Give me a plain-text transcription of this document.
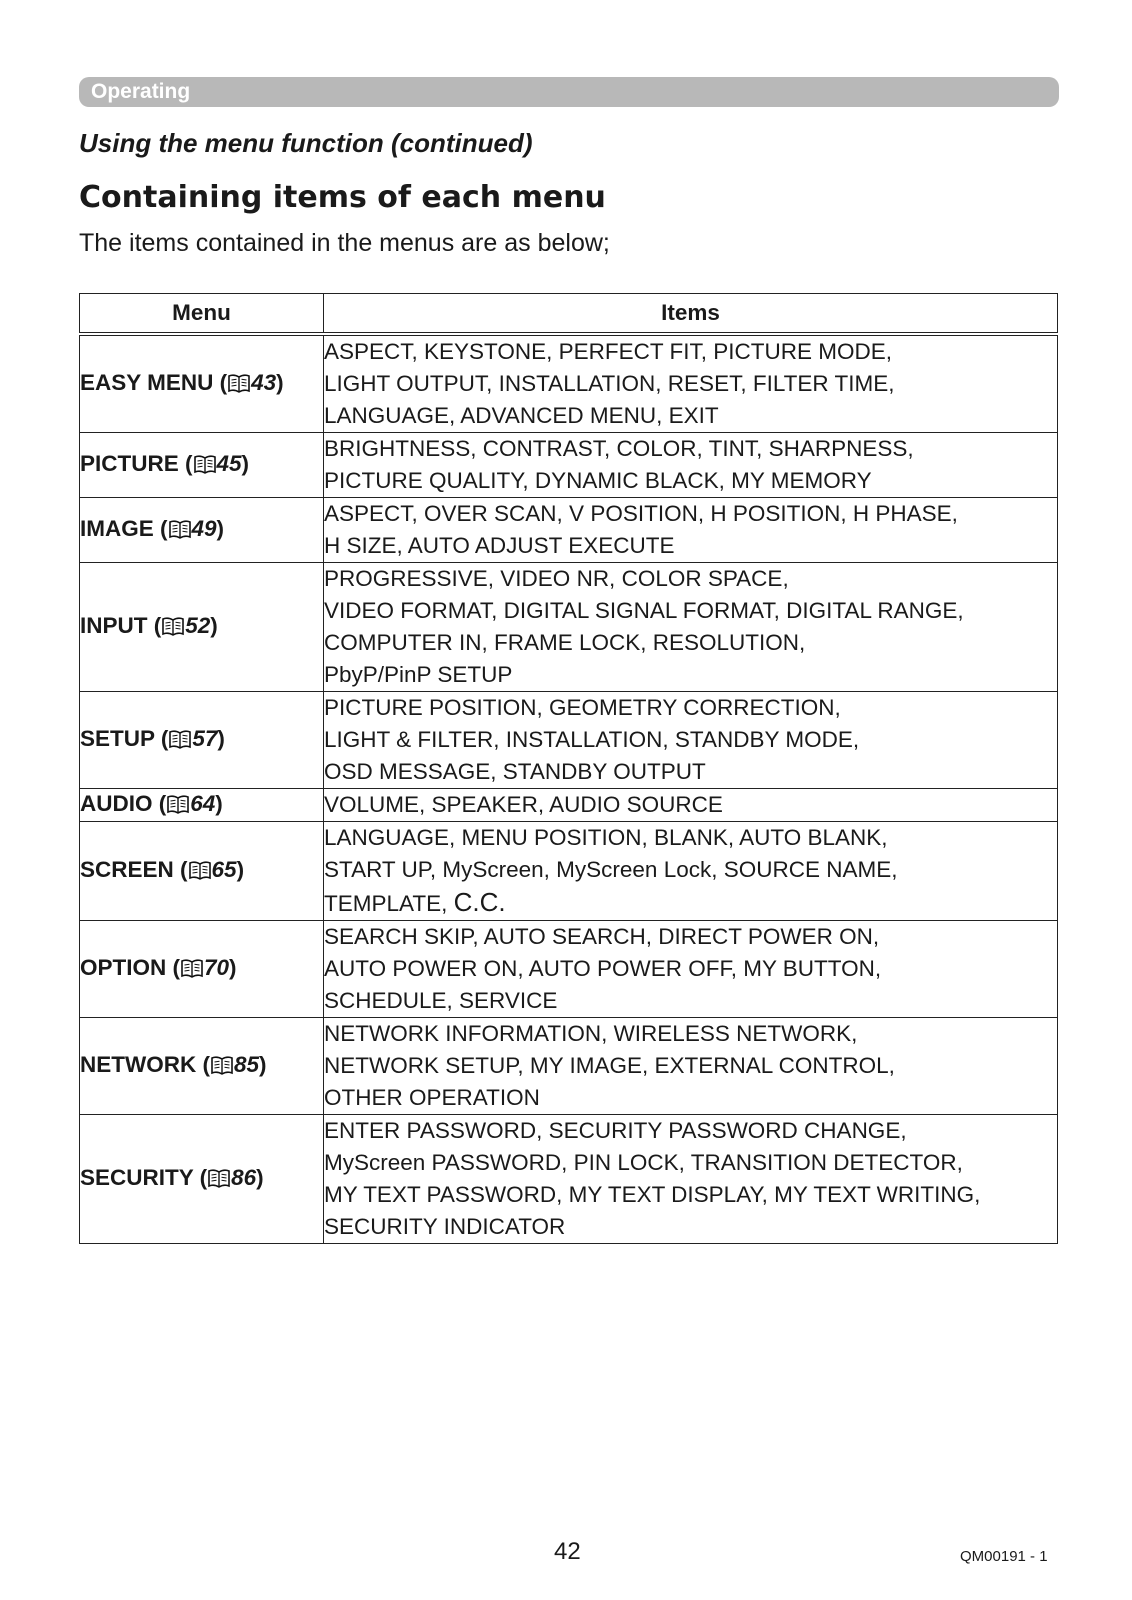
Operating
Using the menu function (continued)
Containing items of each menu
The items contained in the menus are as below;
Menu	Items
EASY MENU ( 43)	ASPECT, KEYSTONE, PERFECT FIT, PICTURE MODE,
LIGHT OUTPUT, INSTALLATION, RESET, FILTER TIME,
LANGUAGE, ADVANCED MENU, EXIT

PICTURE ( 45)	BRIGHTNESS, CONTRAST, COLOR, TINT, SHARPNESS,
PICTURE QUALITY, DYNAMIC BLACK, MY MEMORY

IMAGE ( 49)	ASPECT, OVER SCAN, V POSITION, H POSITION, H PHASE,
H SIZE, AUTO ADJUST EXECUTE

INPUT ( 52)	PROGRESSIVE, VIDEO NR, COLOR SPACE,
VIDEO FORMAT, DIGITAL SIGNAL FORMAT, DIGITAL RANGE,
COMPUTER IN, FRAME LOCK, RESOLUTION,
PbyP/PinP SETUP

SETUP ( 57)	PICTURE POSITION, GEOMETRY CORRECTION,
LIGHT & FILTER, INSTALLATION, STANDBY MODE,
OSD MESSAGE, STANDBY OUTPUT

AUDIO ( 64)	VOLUME, SPEAKER, AUDIO SOURCE

SCREEN ( 65)	LANGUAGE, MENU POSITION, BLANK, AUTO BLANK,
START UP, MyScreen, MyScreen Lock, SOURCE NAME,
TEMPLATE, C.C.

OPTION ( 70)	SEARCH SKIP, AUTO SEARCH, DIRECT POWER ON,
AUTO POWER ON, AUTO POWER OFF, MY BUTTON,
SCHEDULE, SERVICE

NETWORK ( 85)	NETWORK INFORMATION, WIRELESS NETWORK,
NETWORK SETUP, MY IMAGE, EXTERNAL CONTROL,
OTHER OPERATION

SECURITY ( 86)	ENTER PASSWORD, SECURITY PASSWORD CHANGE,
MyScreen PASSWORD, PIN LOCK, TRANSITION DETECTOR,
MY TEXT PASSWORD, MY TEXT DISPLAY, MY TEXT WRITING,
SECURITY INDICATOR
42	QM00191 - 1
